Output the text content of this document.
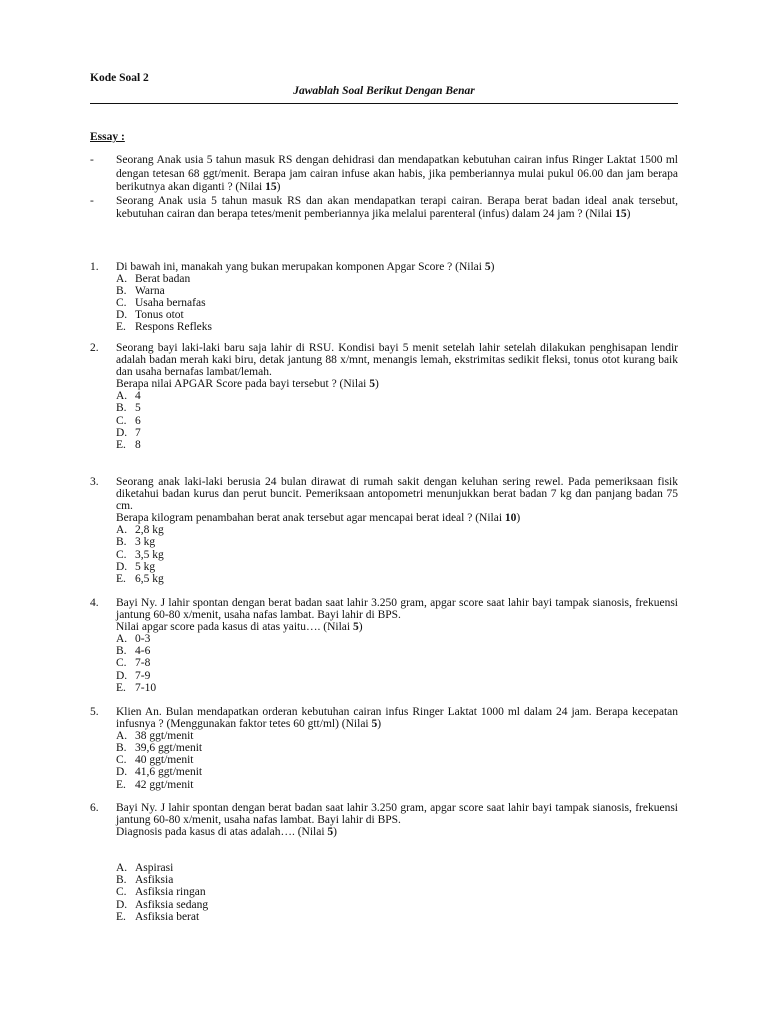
Kode Soal 2
Jawablah Soal Berikut Dengan Benar
Essay :
-	Seorang Anak usia 5 tahun masuk RS dengan dehidrasi dan mendapatkan kebutuhan cairan infus Ringer Laktat 1500 ml dengan tetesan 68 ggt/menit. Berapa jam cairan infuse akan habis, jika pemberiannya mulai pukul 06.00 dan jam berapa berikutnya akan diganti ? (Nilai 15)
-	Seorang Anak usia 5 tahun masuk RS dan akan mendapatkan terapi cairan. Berapa berat badan ideal anak tersebut, kebutuhan cairan dan berapa tetes/menit pemberiannya jika melalui parenteral (infus) dalam 24 jam ? (Nilai 15)
1.	Di bawah ini, manakah yang bukan merupakan komponen Apgar Score ? (Nilai 5)
A. Berat badan
B. Warna
C. Usaha bernafas
D. Tonus otot
E. Respons Refleks
2.	Seorang bayi laki-laki baru saja lahir di RSU. Kondisi bayi 5 menit setelah lahir setelah dilakukan penghisapan lendir adalah badan merah kaki biru, detak jantung 88 x/mnt, menangis lemah, ekstrimitas sedikit fleksi, tonus otot kurang baik dan usaha bernafas lambat/lemah.
Berapa nilai APGAR Score pada bayi tersebut ? (Nilai 5)
A. 4
B. 5
C. 6
D. 7
E. 8
3.	Seorang anak laki-laki berusia 24 bulan dirawat di rumah sakit dengan keluhan sering rewel. Pada pemeriksaan fisik diketahui badan kurus dan perut buncit. Pemeriksaan antopometri menunjukkan berat badan 7 kg dan panjang badan 75 cm.
Berapa kilogram penambahan berat anak tersebut agar mencapai berat ideal ? (Nilai 10)
A. 2,8 kg
B. 3 kg
C. 3,5 kg
D. 5 kg
E. 6,5 kg
4.	Bayi Ny. J lahir spontan dengan berat badan saat lahir 3.250 gram, apgar score saat lahir bayi tampak sianosis, frekuensi jantung 60-80 x/menit, usaha nafas lambat. Bayi lahir di BPS.
Nilai apgar score pada kasus di atas yaitu…. (Nilai 5)
A. 0-3
B. 4-6
C. 7-8
D. 7-9
E. 7-10
5.	Klien An. Bulan mendapatkan orderan kebutuhan cairan infus Ringer Laktat 1000 ml dalam 24 jam. Berapa kecepatan infusnya ? (Menggunakan faktor tetes 60 gtt/ml) (Nilai 5)
A. 38 ggt/menit
B. 39,6 ggt/menit
C. 40 ggt/menit
D. 41,6 ggt/menit
E. 42 ggt/menit
6.	Bayi Ny. J lahir spontan dengan berat badan saat lahir 3.250 gram, apgar score saat lahir bayi tampak sianosis, frekuensi jantung 60-80 x/menit, usaha nafas lambat. Bayi lahir di BPS.
Diagnosis pada kasus di atas adalah…. (Nilai 5)
A. Aspirasi
B. Asfiksia
C. Asfiksia ringan
D. Asfiksia sedang
E. Asfiksia berat
